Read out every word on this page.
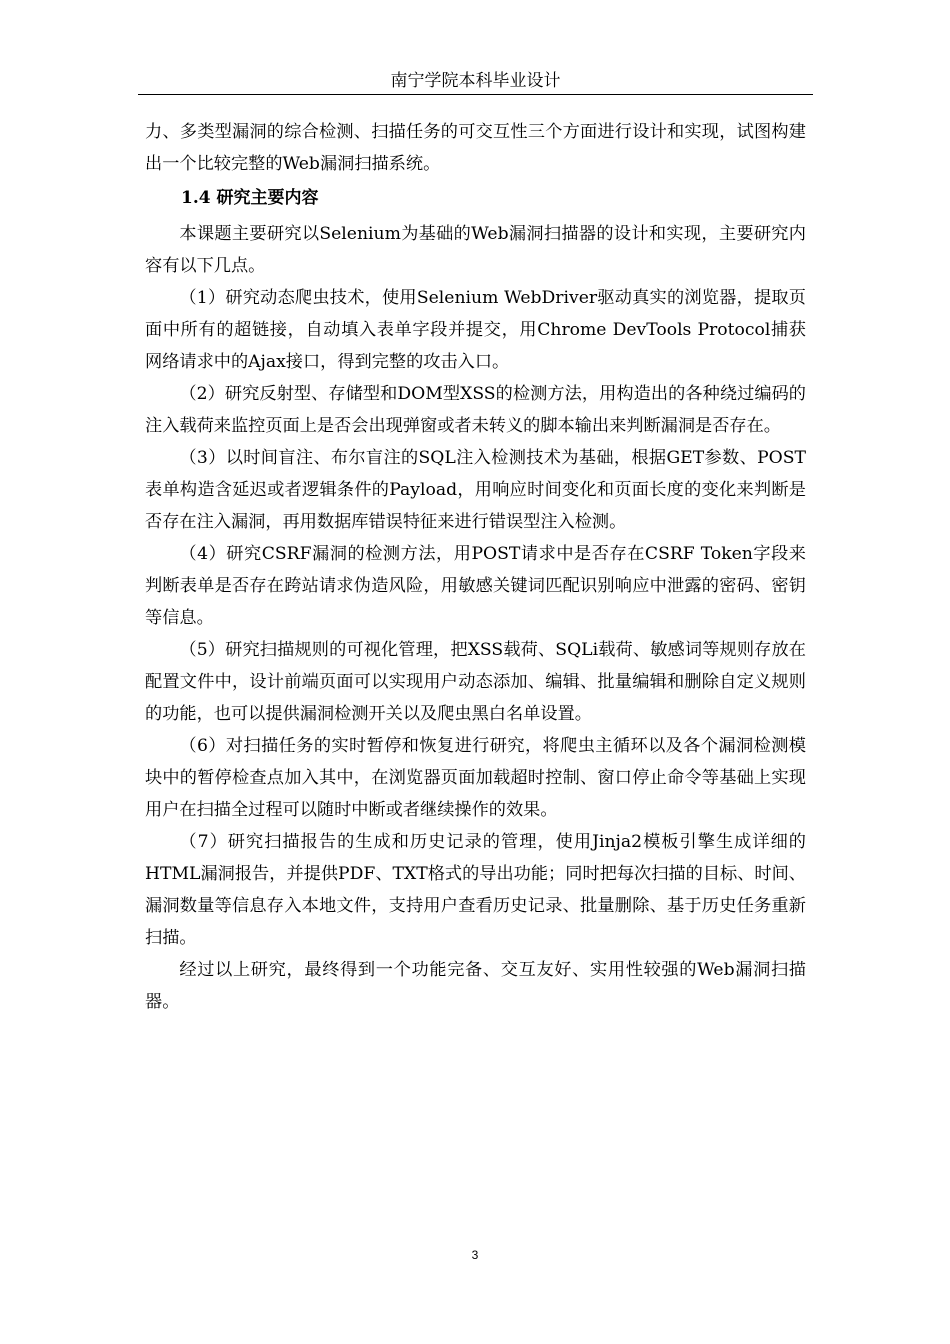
南宁学院本科毕业设计

力、多类型漏洞的综合检测、扫描任务的可交互性三个方面进行设计和实现，试图构建出一个比较完整的Web漏洞扫描系统。

1.4 研究主要内容

本课题主要研究以Selenium为基础的Web漏洞扫描器的设计和实现，主要研究内容有以下几点。

（1）研究动态爬虫技术，使用Selenium WebDriver驱动真实的浏览器，提取页面中所有的超链接，自动填入表单字段并提交，用Chrome DevTools Protocol捕获网络请求中的Ajax接口，得到完整的攻击入口。

（2）研究反射型、存储型和DOM型XSS的检测方法，用构造出的各种绕过编码的注入载荷来监控页面上是否会出现弹窗或者未转义的脚本输出来判断漏洞是否存在。

（3）以时间盲注、布尔盲注的SQL注入检测技术为基础，根据GET参数、POST表单构造含延迟或者逻辑条件的Payload，用响应时间变化和页面长度的变化来判断是否存在注入漏洞，再用数据库错误特征来进行错误型注入检测。

（4）研究CSRF漏洞的检测方法，用POST请求中是否存在CSRF Token字段来判断表单是否存在跨站请求伪造风险，用敏感关键词匹配识别响应中泄露的密码、密钥等信息。

（5）研究扫描规则的可视化管理，把XSS载荷、SQLi载荷、敏感词等规则存放在配置文件中，设计前端页面可以实现用户动态添加、编辑、批量编辑和删除自定义规则的功能，也可以提供漏洞检测开关以及爬虫黑白名单设置。

（6）对扫描任务的实时暂停和恢复进行研究，将爬虫主循环以及各个漏洞检测模块中的暂停检查点加入其中，在浏览器页面加载超时控制、窗口停止命令等基础上实现用户在扫描全过程可以随时中断或者继续操作的效果。

（7）研究扫描报告的生成和历史记录的管理，使用Jinja2模板引擎生成详细的HTML漏洞报告，并提供PDF、TXT格式的导出功能；同时把每次扫描的目标、时间、漏洞数量等信息存入本地文件，支持用户查看历史记录、批量删除、基于历史任务重新扫描。

经过以上研究，最终得到一个功能完备、交互友好、实用性较强的Web漏洞扫描器。

3
